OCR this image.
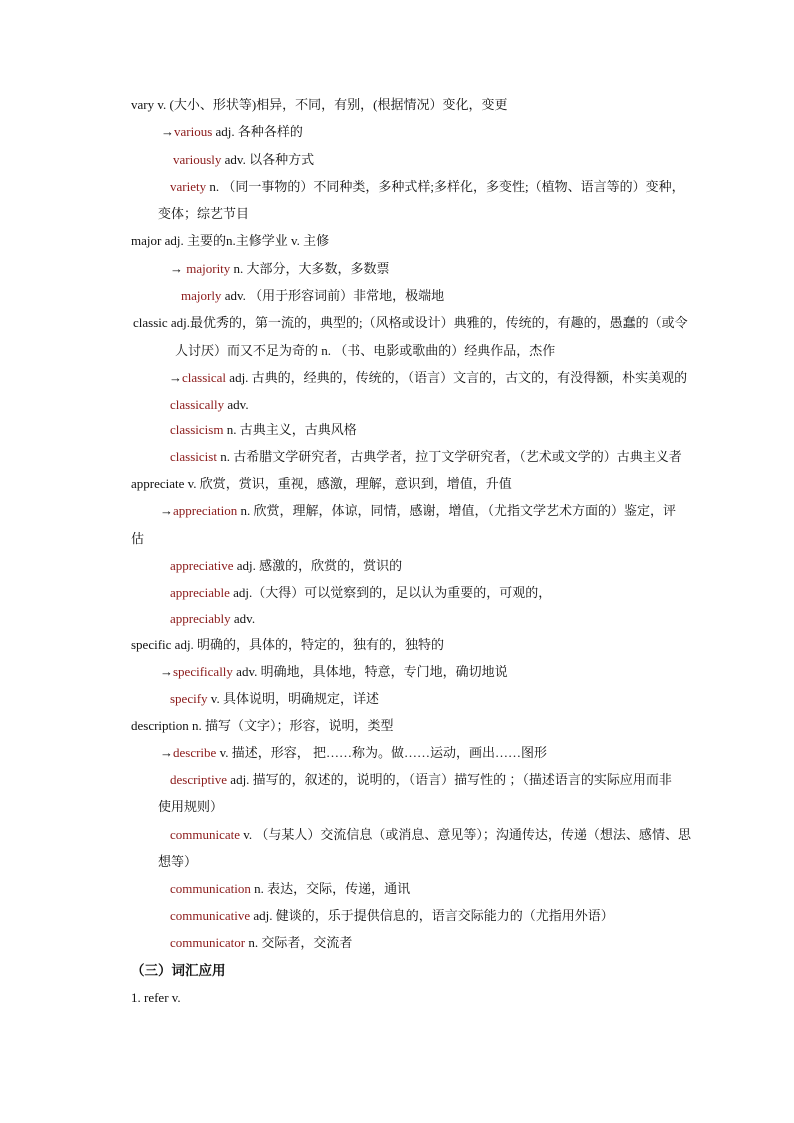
vary v. (大小、形状等)相异，不同，有别，(根据情况）变化，变更
→various adj. 各种各样的
variously adv. 以各种方式
variety n. （同一事物的）不同种类，多种式样;多样化，多变性;（植物、语言等的）变种，
变体；综艺节目
major adj. 主要的n.主修学业 v. 主修
→ majority n. 大部分，大多数，多数票
majorly adv. （用于形容词前）非常地，极端地
classic adj.最优秀的，第一流的，典型的;（风格或设计）典雅的，传统的，有趣的，愚蠢的（或令
人讨厌）而又不足为奇的 n. （书、电影或歌曲的）经典作品，杰作
→classical adj. 古典的，经典的，传统的，（语言）文言的，古文的，有没得额，朴实美观的
classically adv.
classicism n. 古典主义，古典风格
classicist n. 古希腊文学研究者，古典学者，拉丁文学研究者，（艺术或文学的）古典主义者
appreciate v. 欣赏，赏识，重视，感激，理解，意识到，增值，升值
→appreciation n. 欣赏，理解，体谅，同情，感谢，增值，（尤指文学艺术方面的）鉴定，评
估
appreciative adj. 感激的，欣赏的，赏识的
appreciable adj.（大得）可以觉察到的，足以认为重要的，可观的，
appreciably adv.
specific adj. 明确的，具体的，特定的，独有的，独特的
→specifically adv. 明确地，具体地，特意，专门地，确切地说
specify v. 具体说明，明确规定，详述
description n. 描写（文字）；形容，说明，类型
→describe v. 描述，形容， 把……称为。做……运动，画出……图形
descriptive adj. 描写的，叙述的，说明的，（语言）描写性的 ；（描述语言的实际应用而非
使用规则）
communicate v. （与某人）交流信息（或消息、意见等）；沟通传达，传递（想法、感情、思
想等）
communication n. 表达，交际，传递，通讯
communicative adj. 健谈的，乐于提供信息的，语言交际能力的（尤指用外语）
communicator n. 交际者，交流者
（三）词汇应用
1. refer v.
